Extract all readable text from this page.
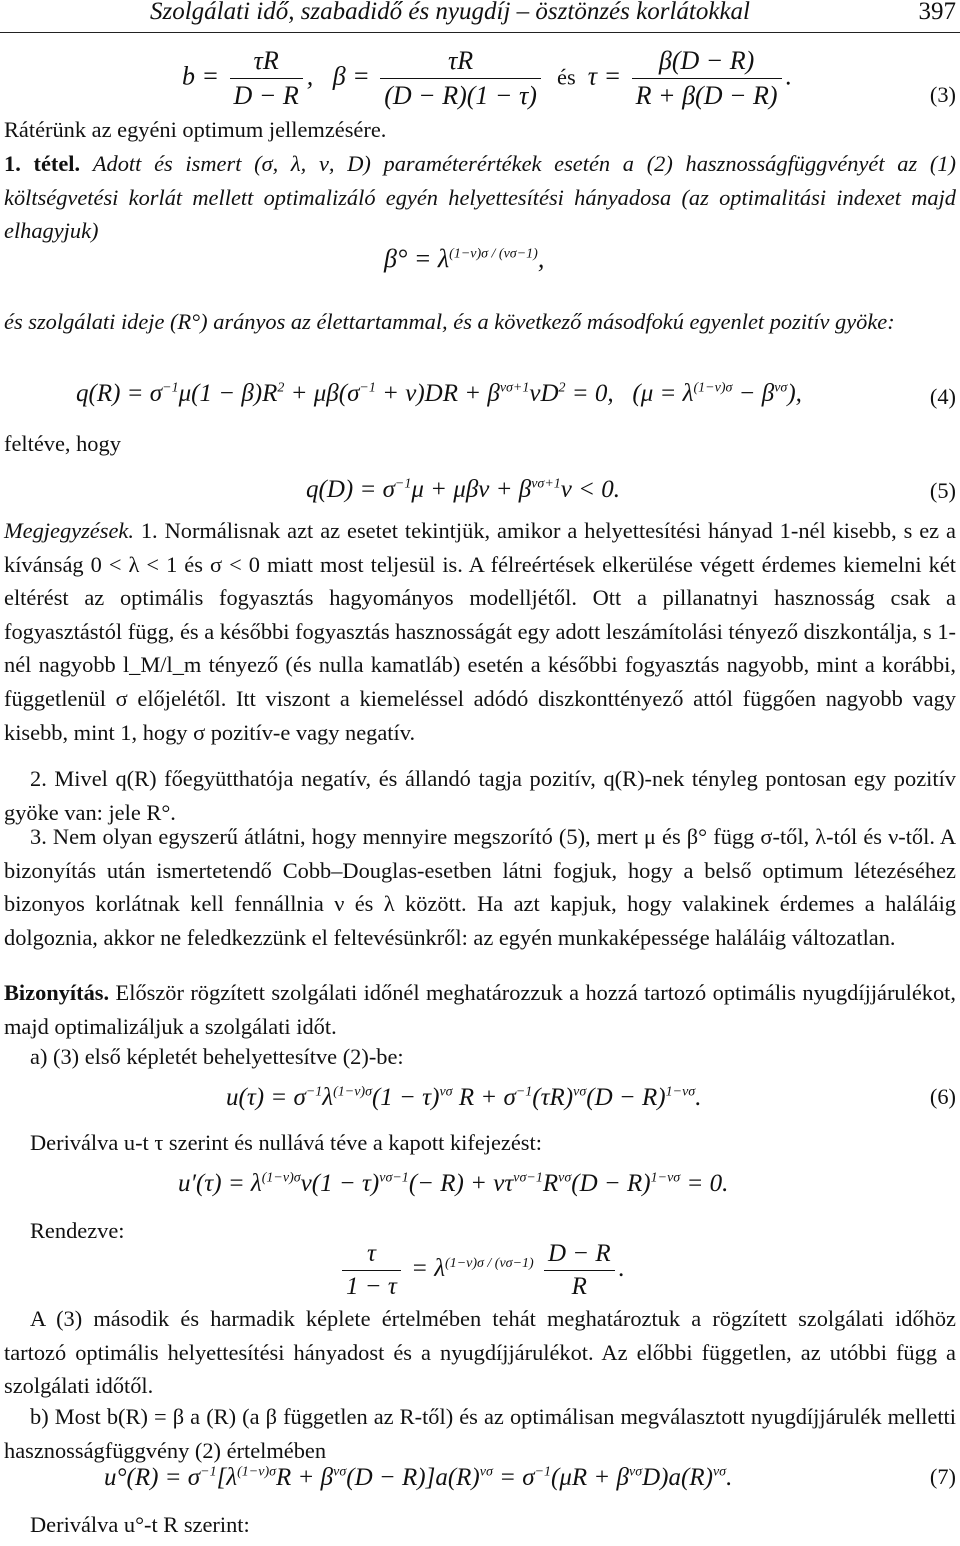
Szolgálati idő, szabadidő és nyugdíj – ösztönzés korlátokkal	397
$b = \frac{\tau R}{D - R}$ ,   $\beta = \frac{\tau R}{(D - R)(1 - \tau)}$ és  $\tau = \frac{\beta(D - R)}{R + \beta(D - R)}$ .
(3)

Rátérünk az egyéni optimum jellemzésére.

1. tétel. Adott és ismert (σ, λ, ν, D) paraméterértékek esetén a (2) hasznosságfüggvényét az (1) költségvetési korlát mellett optimalizáló egyén helyettesítési hányadosa (az optimalitási indexet majd elhagyjuk)

$\beta^\circ = \lambda^{(1-\nu)\sigma / (\nu\sigma-1)}$,

és szolgálati ideje (R°) arányos az élettartammal, és a következő másodfokú egyenlet pozitív gyöke:

$q(R) = \sigma^{-1}\mu(1 - \beta)R^2 + \mu\beta(\sigma^{-1} + \nu)DR + \beta^{\nu\sigma+1}\nu D^2 = 0$,   $(\mu = \lambda^{(1-\nu)\sigma} - \beta^{\nu\sigma})$,	(4)

feltéve, hogy

$q(D) = \sigma^{-1}\mu + \mu\beta\nu + \beta^{\nu\sigma+1}\nu < 0$.	(5)

Megjegyzések. 1. Normálisnak azt az esetet tekintjük, amikor a helyettesítési hányad 1-nél kisebb, s ez a kívánság 0 < λ < 1 és σ < 0 miatt most teljesül is. A félreértések elkerülése végett érdemes kiemelni két eltérést az optimális fogyasztás hagyományos modelljétől. Ott a pillanatnyi hasznosság csak a fogyasztástól függ, és a későbbi fogyasztás hasznosságát egy adott leszámítolási tényező diszkontálja, s 1-nél nagyobb l_M/l_m tényező (és nulla kamatláb) esetén a későbbi fogyasztás nagyobb, mint a korábbi, függetlenül σ előjelétől. Itt viszont a kiemeléssel adódó diszkonttényező attól függően nagyobb vagy kisebb, mint 1, hogy σ pozitív-e vagy negatív.

2. Mivel q(R) főegyütthatója negatív, és állandó tagja pozitív, q(R)-nek tényleg pontosan egy pozitív gyöke van: jele R°.

3. Nem olyan egyszerű átlátni, hogy mennyire megszorító (5), mert μ és β° függ σ-től, λ-tól és ν-től. A bizonyítás után ismertetendő Cobb–Douglas-esetben látni fogjuk, hogy a belső optimum létezéséhez bizonyos korlátnak kell fennállnia ν és λ között. Ha azt kapjuk, hogy valakinek érdemes a haláláig dolgoznia, akkor ne feledkezzünk el feltevésünkről: az egyén munkaképessége haláláig változatlan.

Bizonyítás. Először rögzített szolgálati időnél meghatározzuk a hozzá tartozó optimális nyugdíjjárulékot, majd optimalizáljuk a szolgálati időt.

a) (3) első képletét behelyettesítve (2)-be:

$u(\tau) = \sigma^{-1}\lambda^{(1-\nu)\sigma}(1 - \tau)^{\nu\sigma}$ $R + \sigma^{-1}(\tau R)^{\nu\sigma}(D - R)^{1-\nu\sigma}$.	(6)

Deriválva u-t τ szerint és nullává téve a kapott kifejezést:

$u'(\tau) = \lambda^{(1-\nu)\sigma}\nu(1 - \tau)^{\nu\sigma-1}(- R) + \nu\tau^{\nu\sigma-1}R^{\nu\sigma}(D - R)^{1-\nu\sigma} = 0$.

Rendezve:

$\frac{\tau}{1 - \tau} = \lambda^{(1-\nu)\sigma / (\nu\sigma-1)} \frac{D - R}{R}$ .

A (3) második és harmadik képlete értelmében tehát meghatároztuk a rögzített szolgálati időhöz tartozó optimális helyettesítési hányadost és a nyugdíjjárulékot. Az előbbi független, az utóbbi függ a szolgálati időtől.

b) Most b(R) = β a (R) (a β független az R-től) és az optimálisan megválasztott nyugdíjjárulék melletti hasznosságfüggvény (2) értelmében

$u^\circ(R) = \sigma^{-1}[\lambda^{(1-\nu)\sigma}R + \beta^{\nu\sigma}(D - R)]a(R)^{\nu\sigma} = \sigma^{-1}(\mu R + \beta^{\nu\sigma}D)a(R)^{\nu\sigma}$.	(7)

Deriválva u°-t R szerint:
